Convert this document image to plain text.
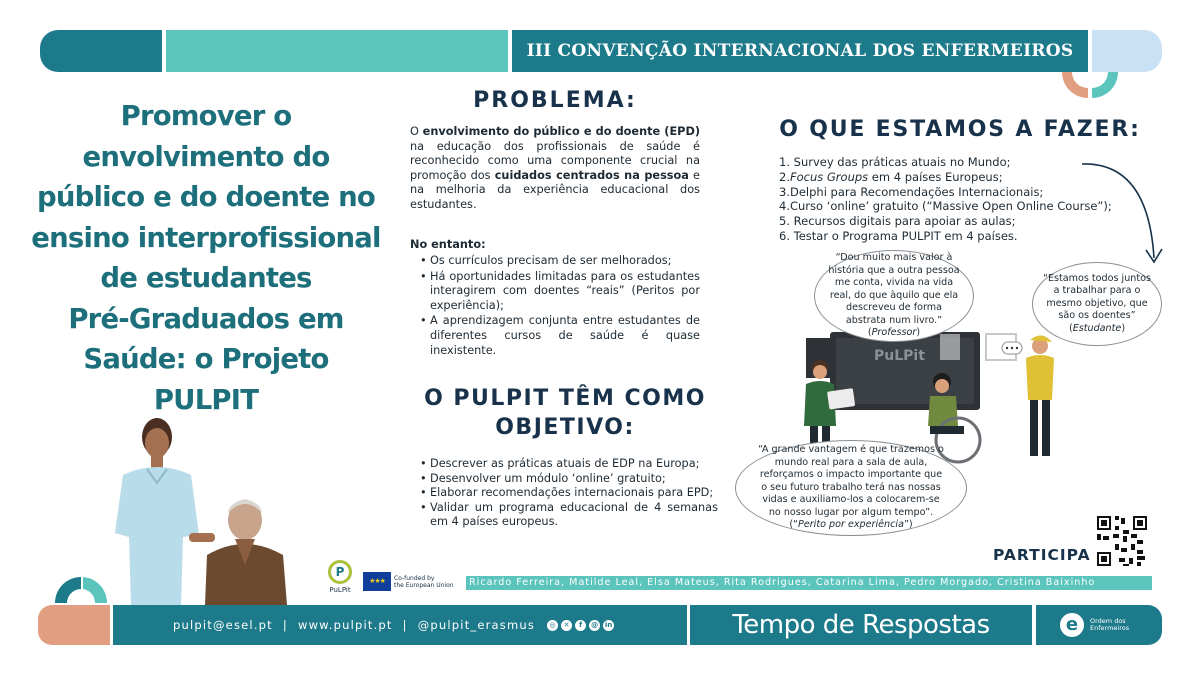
III CONVENÇÃO INTERNACIONAL DOS ENFERMEIROS
Promover o
envolvimento do
público e do doente no
ensino interprofissional
de estudantes
Pré-Graduados em
Saúde: o Projeto
PULPIT
PROBLEMA:

O envolvimento do público e do doente (EPD) na educação dos profissionais de saúde é reconhecido como uma componente crucial na promoção dos cuidados centrados na pessoa e na melhoria da experiência educacional dos estudantes.

No entanto:
• Os currículos precisam de ser melhorados;
• Há oportunidades limitadas para os estudantes interagirem com doentes “reais” (Peritos por experiência);
• A aprendizagem conjunta entre estudantes de diferentes cursos de saúde é quase inexistente.
O PULPIT TÊM COMO
OBJETIVO:
• Descrever as práticas atuais de EDP na Europa;
• Desenvolver um módulo ‘online’ gratuito;
• Elaborar recomendações internacionais para EPD;
• Validar um programa educacional de 4 semanas em 4 países europeus.
O QUE ESTAMOS A FAZER:
1. Survey das práticas atuais no Mundo;
2.Focus Groups em 4 países Europeus;
3.Delphi para Recomendações Internacionais;
4.Curso ‘online’ gratuito (“Massive Open Online Course”);
5. Recursos digitais para apoiar as aulas;
6. Testar o Programa PULPIT em 4 países.
PuLPit
“Dou muito mais valor à história que a outra pessoa me conta, vivida na vida real, do que àquilo que ela descreveu de forma abstrata num livro.” (Professor)
“Estamos todos juntos a trabalhar para o mesmo objetivo, que são os doentes” (Estudante)
“A grande vantagem é que trazemos o mundo real para a sala de aula, reforçamos o impacto importante que o seu futuro trabalho terá nas nossas vidas e auxiliamo-los a colocarem-se no nosso lugar por algum tempo”. (“Perito por experiência”)
PARTICIPA
P
PuLPit
★★★	Co-funded by
the European Union	Ricardo Ferreira, Matilde Leal, Elsa Mateus, Rita Rodrigues, Catarina Lima, Pedro Morgado, Cristina Baixinho
pulpit@esel.pt | www.pulpit.pt | @pulpit_erasmus	◎	✕	f	@ in	Tempo de Respostas	e	Ordem dos
Enfermeiros
